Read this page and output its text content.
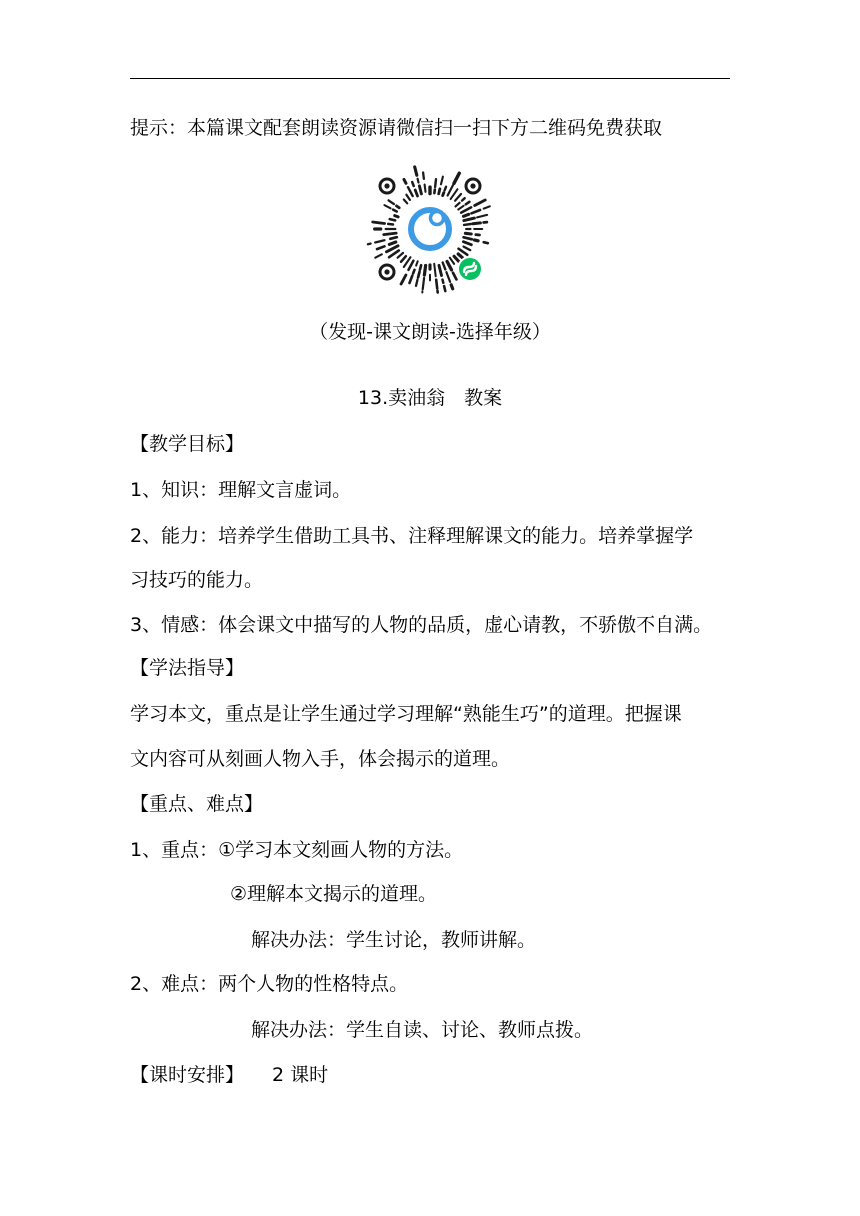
提示：本篇课文配套朗读资源请微信扫一扫下方二维码免费获取
（发现-课文朗读-选择年级）
13.卖油翁　教案
【教学目标】
1、知识：理解文言虚词。
2、能力：培养学生借助工具书、注释理解课文的能力。培养掌握学
习技巧的能力。
3、情感：体会课文中描写的人物的品质，虚心请教，不骄傲不自满。
【学法指导】
学习本文，重点是让学生通过学习理解“熟能生巧”的道理。把握课
文内容可从刻画人物入手，体会揭示的道理。
【重点、难点】
1、重点：①学习本文刻画人物的方法。
②理解本文揭示的道理。
解决办法：学生讨论，教师讲解。
2、难点：两个人物的性格特点。
解决办法：学生自读、讨论、教师点拨。
【课时安排】 2 课时
